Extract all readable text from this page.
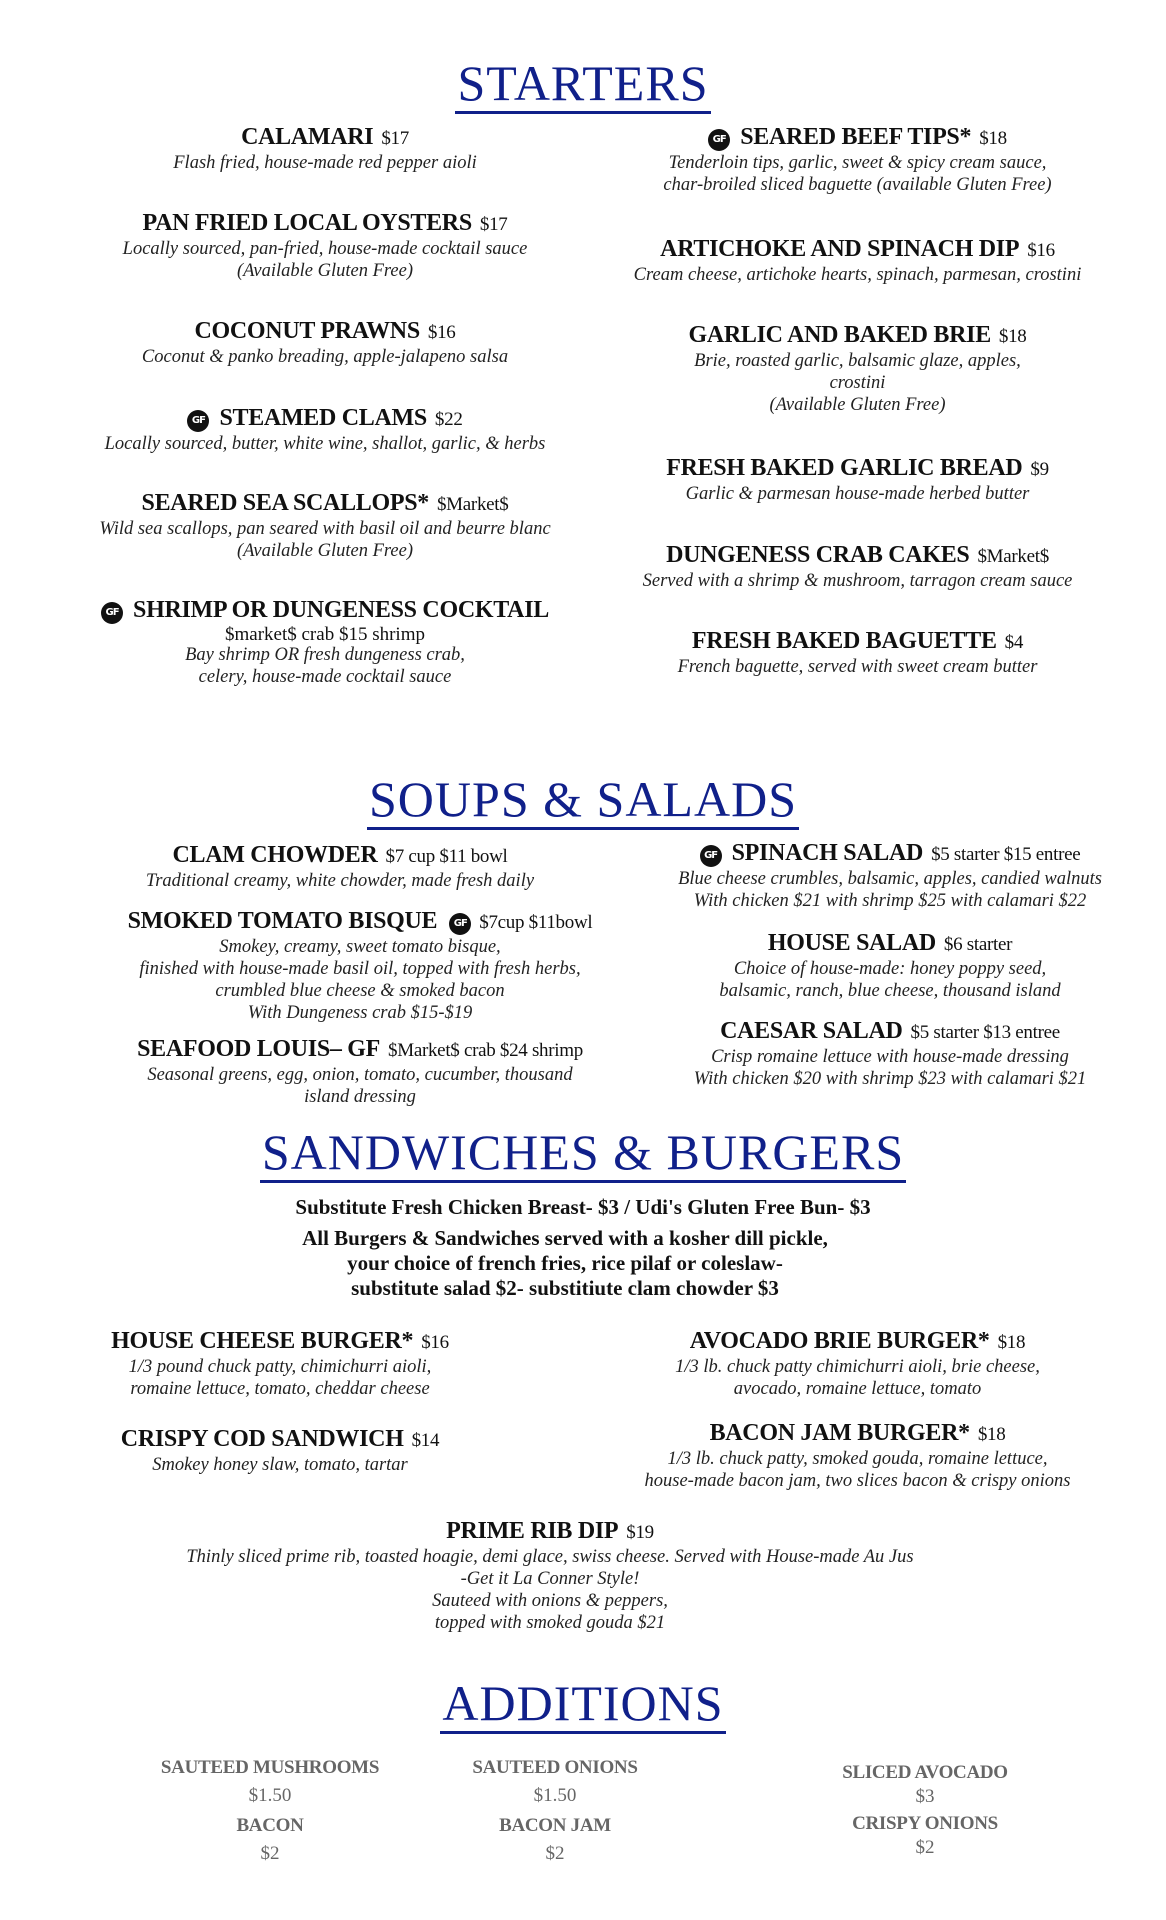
STARTERS
CALAMARI $17
Flash fried, house-made red pepper aioli
PAN FRIED LOCAL OYSTERS $17
Locally sourced, pan-fried, house-made cocktail sauce
(Available Gluten Free)
COCONUT PRAWNS $16
Coconut & panko breading, apple-jalapeno salsa
GF STEAMED CLAMS $22
Locally sourced, butter, white wine, shallot, garlic, & herbs
SEARED SEA SCALLOPS* $Market$
Wild sea scallops, pan seared with basil oil and beurre blanc
(Available Gluten Free)
GF SHRIMP OR DUNGENESS COCKTAIL
$market$ crab $15 shrimp
Bay shrimp OR fresh dungeness crab,
celery, house-made cocktail sauce
GF SEARED BEEF TIPS* $18
Tenderloin tips, garlic, sweet & spicy cream sauce,
char-broiled sliced baguette (available Gluten Free)
ARTICHOKE AND SPINACH DIP $16
Cream cheese, artichoke hearts, spinach, parmesan, crostini
GARLIC AND BAKED BRIE $18
Brie, roasted garlic, balsamic glaze, apples,
crostini
(Available Gluten Free)
FRESH BAKED GARLIC BREAD $9
Garlic & parmesan house-made herbed butter
DUNGENESS CRAB CAKES $Market$
Served with a shrimp & mushroom, tarragon cream sauce
FRESH BAKED BAGUETTE $4
French baguette, served with sweet cream butter
SOUPS & SALADS
CLAM CHOWDER $7 cup $11 bowl
Traditional creamy, white chowder, made fresh daily
SMOKED TOMATO BISQUE GF $7cup $11bowl
Smokey, creamy, sweet tomato bisque,
finished with house-made basil oil, topped with fresh herbs,
crumbled blue cheese & smoked bacon
With Dungeness crab $15-$19
SEAFOOD LOUIS– GF $Market$ crab $24 shrimp
Seasonal greens, egg, onion, tomato, cucumber, thousand
island dressing
GF SPINACH SALAD $5 starter $15 entree
Blue cheese crumbles, balsamic, apples, candied walnuts
With chicken $21 with shrimp $25 with calamari $22
HOUSE SALAD $6 starter
Choice of house-made: honey poppy seed,
balsamic, ranch, blue cheese, thousand island
CAESAR SALAD $5 starter $13 entree
Crisp romaine lettuce with house-made dressing
With chicken $20 with shrimp $23 with calamari $21
SANDWICHES & BURGERS
Substitute Fresh Chicken Breast- $3 / Udi's Gluten Free Bun- $3
All Burgers & Sandwiches served with a kosher dill pickle,
your choice of french fries, rice pilaf or coleslaw-
substitute salad $2- substitiute clam chowder $3
HOUSE CHEESE BURGER* $16
1/3 pound chuck patty, chimichurri aioli,
romaine lettuce, tomato, cheddar cheese
CRISPY COD SANDWICH $14
Smokey honey slaw, tomato, tartar
AVOCADO BRIE BURGER* $18
1/3 lb. chuck patty chimichurri aioli, brie cheese,
avocado, romaine lettuce, tomato
BACON JAM BURGER* $18
1/3 lb. chuck patty, smoked gouda, romaine lettuce,
house-made bacon jam, two slices bacon & crispy onions
PRIME RIB DIP $19
Thinly sliced prime rib, toasted hoagie, demi glace, swiss cheese. Served with House-made Au Jus
-Get it La Conner Style!
Sauteed with onions & peppers,
topped with smoked gouda $21
ADDITIONS
SAUTEED MUSHROOMS
$1.50
SAUTEED ONIONS
$1.50
SLICED AVOCADO
$3
BACON
$2
BACON JAM
$2
CRISPY ONIONS
$2
